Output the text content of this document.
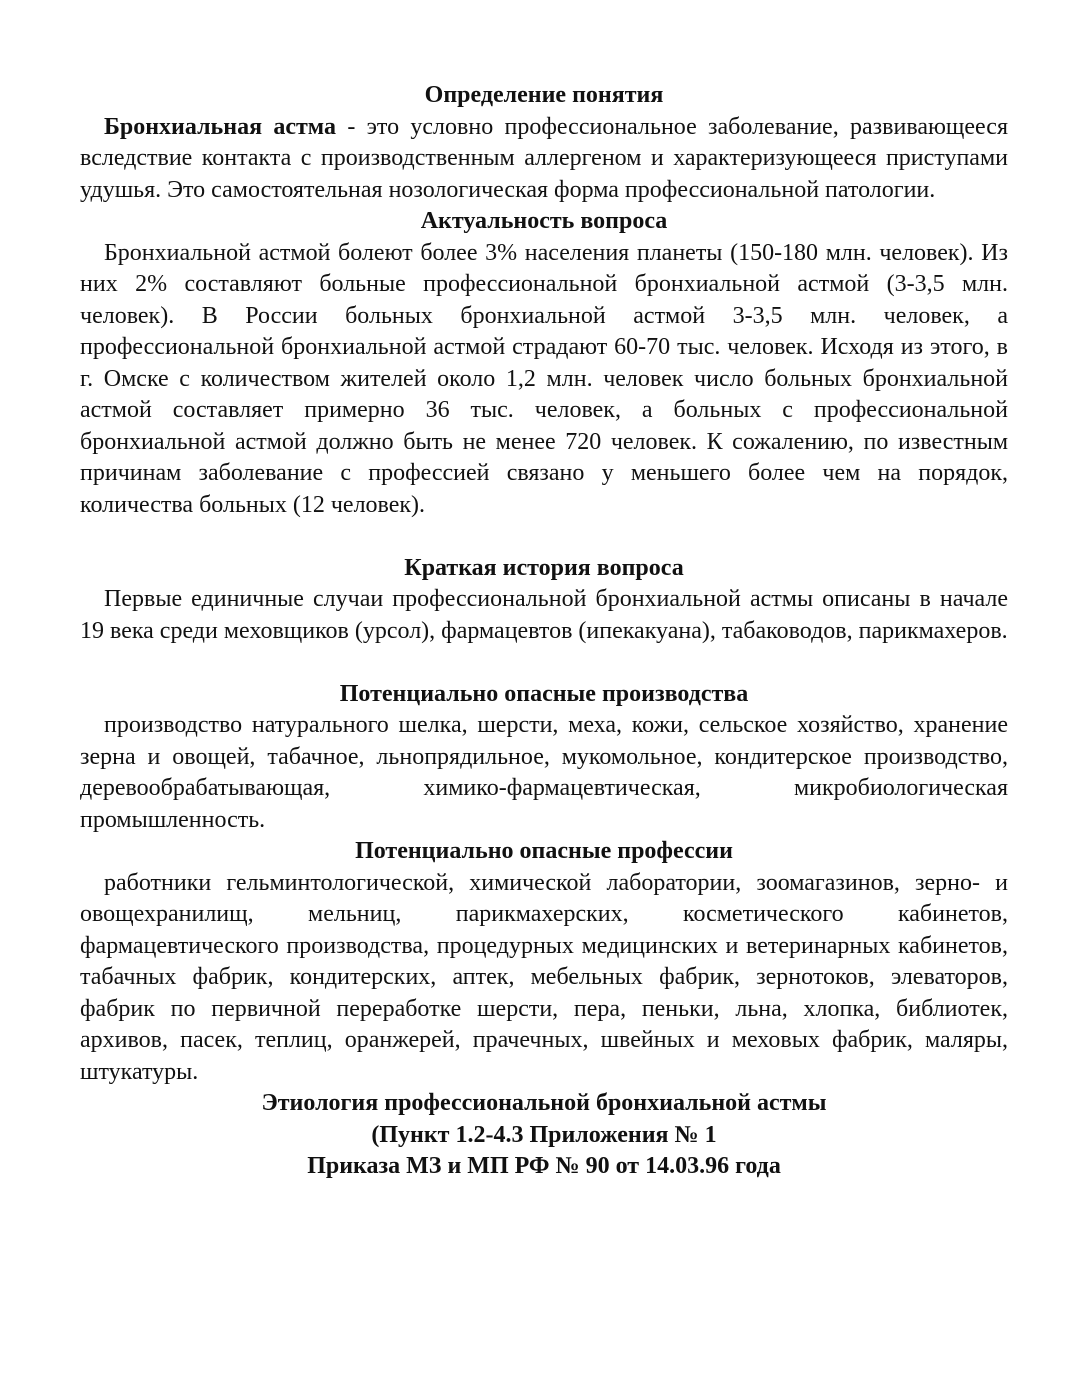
Определение понятия

Бронхиальная астма - это условно профессиональное заболевание, развивающееся вследствие контакта с производственным аллергеном и характеризующееся приступами удушья. Это самостоятельная нозологическая форма профессиональной патологии.

Актуальность вопроса

Бронхиальной астмой болеют более 3% населения планеты (150-180 млн. человек). Из них 2% составляют больные профессиональной бронхиальной астмой (3-3,5 млн. человек). В России больных бронхиальной астмой 3-3,5 млн. человек, а профессиональной бронхиальной астмой страдают 60-70 тыс. человек. Исходя из этого, в г. Омске с количеством жителей около 1,2 млн. человек число больных бронхиальной астмой составляет примерно 36 тыс. человек, а больных с профессиональной бронхиальной астмой должно быть не менее 720 человек. К сожалению, по известным причинам заболевание с профессией связано у меньшего более чем на порядок, количества больных (12 человек).

Краткая история вопроса

Первые единичные случаи профессиональной бронхиальной астмы описаны в начале 19 века среди меховщиков (урсол), фармацевтов (ипекакуана), табаководов, парикмахеров.

Потенциально опасные производства

производство натурального шелка, шерсти, меха, кожи, сельское хозяйство, хранение зерна и овощей, табачное, льнопрядильное, мукомольное, кондитерское производство, деревообрабатывающая, химико-фармацевтическая, микробиологическая промышленность.

Потенциально опасные профессии

работники гельминтологической, химической лаборатории, зоомагазинов, зерно- и овощехранилищ, мельниц, парикмахерских, косметического кабинетов, фармацевтического производства, процедурных медицинских и ветеринарных кабинетов, табачных фабрик, кондитерских, аптек, мебельных фабрик, зернотоков, элеваторов, фабрик по первичной переработке шерсти, пера, пеньки, льна, хлопка, библиотек, архивов, пасек, теплиц, оранжерей, прачечных, швейных и меховых фабрик, маляры, штукатуры.

Этиология профессиональной бронхиальной астмы
(Пункт 1.2-4.3 Приложения № 1
Приказа МЗ и МП РФ № 90 от 14.03.96 года
